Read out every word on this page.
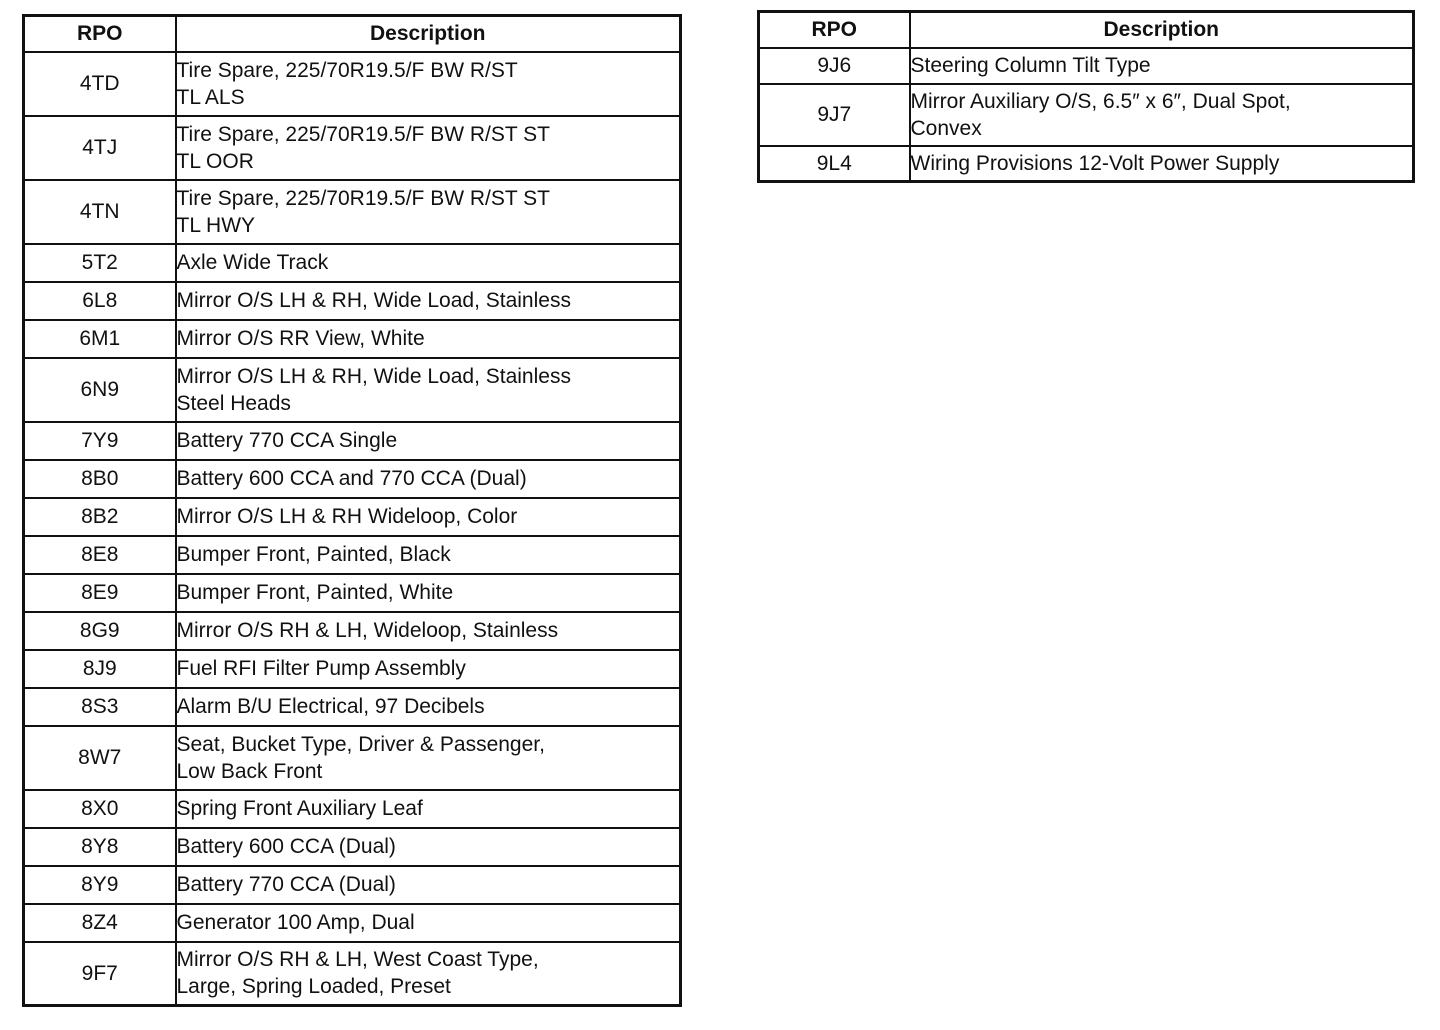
RPO	Description
4TD	Tire Spare, 225/70R19.5/F BW R/ST
TL ALS

4TJ	Tire Spare, 225/70R19.5/F BW R/ST ST
TL OOR

4TN	Tire Spare, 225/70R19.5/F BW R/ST ST
TL HWY

5T2	Axle Wide Track

6L8	Mirror O/S LH & RH, Wide Load, Stainless

6M1	Mirror O/S RR View, White

6N9	Mirror O/S LH & RH, Wide Load, Stainless
Steel Heads

7Y9	Battery 770 CCA Single

8B0	Battery 600 CCA and 770 CCA (Dual)

8B2	Mirror O/S LH & RH Wideloop, Color

8E8	Bumper Front, Painted, Black

8E9	Bumper Front, Painted, White

8G9	Mirror O/S RH & LH, Wideloop, Stainless

8J9	Fuel RFI Filter Pump Assembly

8S3	Alarm B/U Electrical, 97 Decibels

8W7	Seat, Bucket Type, Driver & Passenger,
Low Back Front

8X0	Spring Front Auxiliary Leaf

8Y8	Battery 600 CCA (Dual)

8Y9	Battery 770 CCA (Dual)

8Z4	Generator 100 Amp, Dual

9F7	Mirror O/S RH & LH, West Coast Type,
Large, Spring Loaded, Preset
RPO	Description
9J6	Steering Column Tilt Type

9J7	Mirror Auxiliary O/S, 6.5″ x 6″, Dual Spot,
Convex

9L4	Wiring Provisions 12-Volt Power Supply
